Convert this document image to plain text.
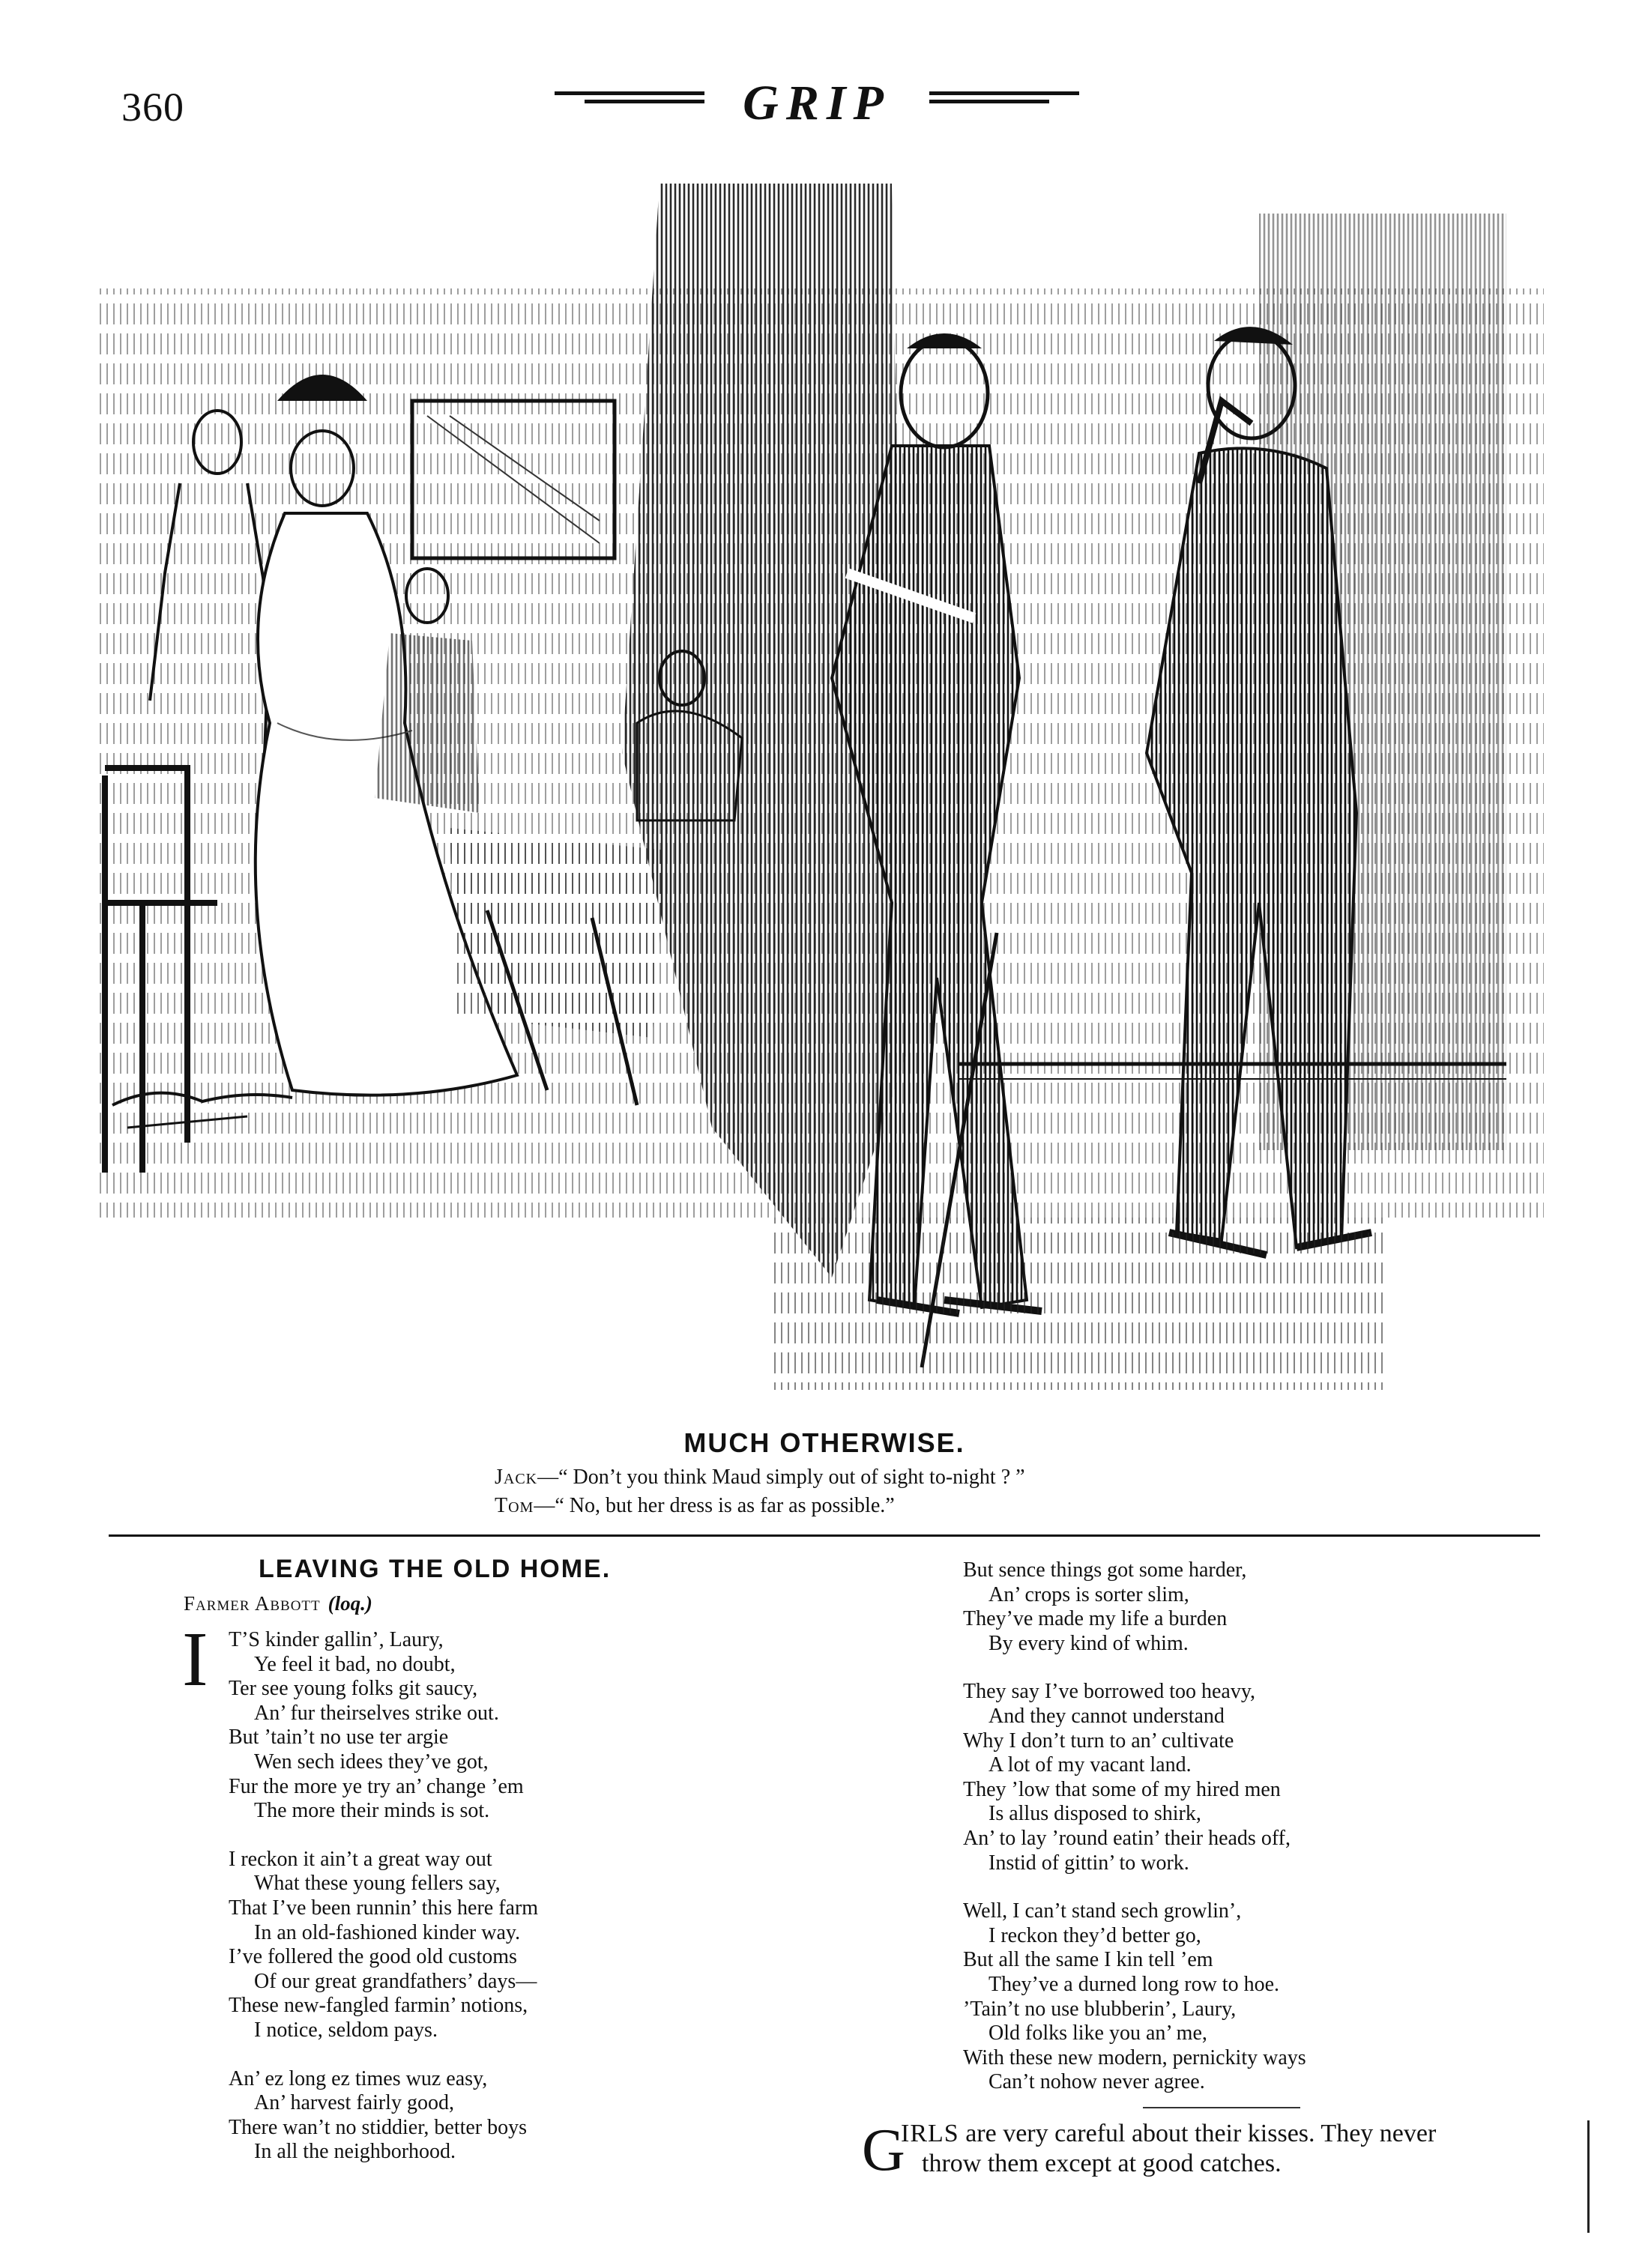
360	GRIP
MUCH OTHERWISE.
Jack—“ Don’t you think Maud simply out of sight to-night ? ”
Tom—“ No, but her dress is as far as possible.”
LEAVING THE OLD HOME.
Farmer Abbott (loq.)
I T’S kinder gallin’, Laury,
Ye feel it bad, no doubt,
Ter see young folks git saucy,
An’ fur theirselves strike out.
But ’tain’t no use ter argie
Wen sech idees they’ve got,
Fur the more ye try an’ change ’em
The more their minds is sot.
I reckon it ain’t a great way out
What these young fellers say,
That I’ve been runnin’ this here farm
In an old-fashioned kinder way.
I’ve follered the good old customs
Of our great grandfathers’ days—
These new-fangled farmin’ notions,
I notice, seldom pays.
An’ ez long ez times wuz easy,
An’ harvest fairly good,
There wan’t no stiddier, better boys
In all the neighborhood.
But sence things got some harder,
An’ crops is sorter slim,
They’ve made my life a burden
By every kind of whim.
They say I’ve borrowed too heavy,
And they cannot understand
Why I don’t turn to an’ cultivate
A lot of my vacant land.
They ’low that some of my hired men
Is allus disposed to shirk,
An’ to lay ’round eatin’ their heads off,
Instid of gittin’ to work.
Well, I can’t stand sech growlin’,
I reckon they’d better go,
But all the same I kin tell ’em
They’ve a durned long row to hoe.
’Tain’t no use blubberin’, Laury,
Old folks like you an’ me,
With these new modern, pernickity ways
Can’t nohow never agree.
G
IRLS are very careful about their kisses. They never
throw them except at good catches.
